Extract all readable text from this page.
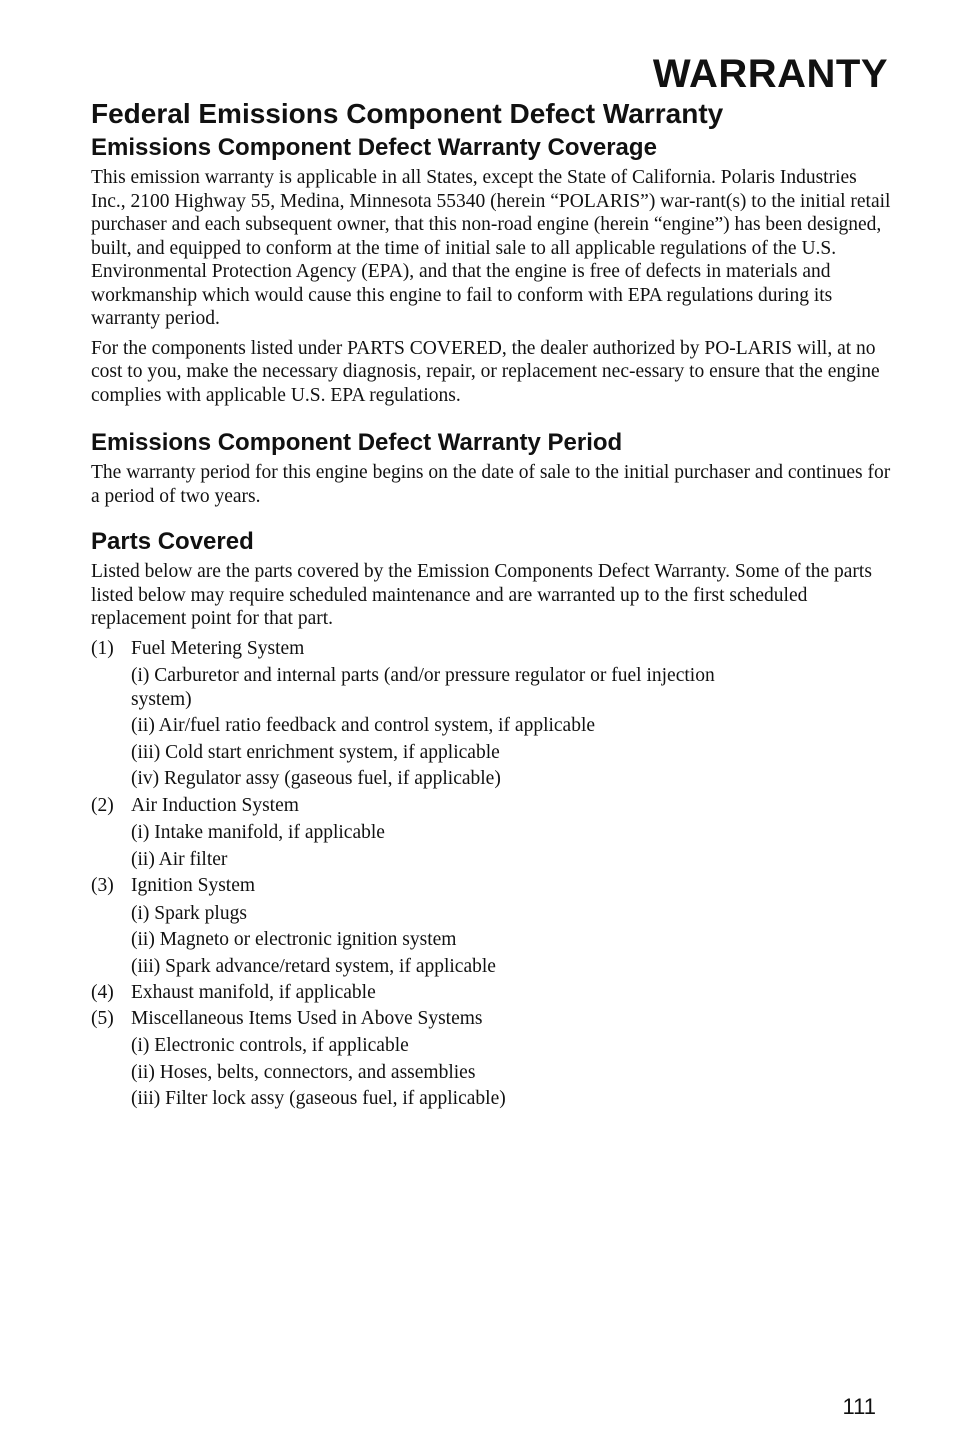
WARRANTY
Federal Emissions Component Defect Warranty
Emissions Component Defect Warranty Coverage

This emission warranty is applicable in all States, except the State of California. Polaris Industries Inc., 2100 Highway 55, Medina, Minnesota 55340 (herein “POLARIS”) war-rant(s) to the initial retail purchaser and each subsequent owner, that this non-road engine (herein “engine”) has been designed, built, and equipped to conform at the time of initial sale to all applicable regulations of the U.S. Environmental Protection Agency (EPA), and that the engine is free of defects in materials and workmanship which would cause this engine to fail to conform with EPA regulations during its warranty period.

For the components listed under PARTS COVERED, the dealer authorized by PO-LARIS will, at no cost to you, make the necessary diagnosis, repair, or replacement nec-essary to ensure that the engine complies with applicable U.S. EPA regulations.

Emissions Component Defect Warranty Period

The warranty period for this engine begins on the date of sale to the initial purchaser and continues for a period of two years.

Parts Covered

Listed below are the parts covered by the Emission Components Defect Warranty. Some of the parts listed below may require scheduled maintenance and are warranted up to the first scheduled replacement point for that part.

(1) Fuel Metering System
(i) Carburetor and internal parts (and/or pressure regulator or fuel injection system)
(ii) Air/fuel ratio feedback and control system, if applicable
(iii) Cold start enrichment system, if applicable
(iv) Regulator assy (gaseous fuel, if applicable)
(2) Air Induction System
(i) Intake manifold, if applicable
(ii) Air filter
(3) Ignition System
(i) Spark plugs
(ii) Magneto or electronic ignition system
(iii) Spark advance/retard system, if applicable
(4) Exhaust manifold, if applicable
(5) Miscellaneous Items Used in Above Systems
(i) Electronic controls, if applicable
(ii) Hoses, belts, connectors, and assemblies
(iii) Filter lock assy (gaseous fuel, if applicable)
111
